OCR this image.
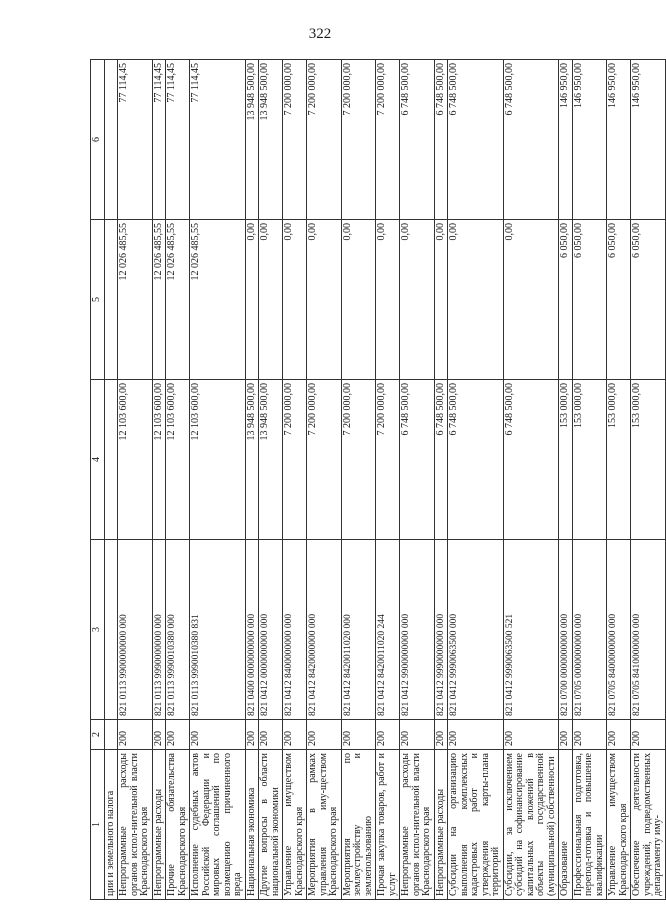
322
1	2	3	4	5	6
ции и земельного налога					
Непрограммные расходы органов испол-нительной власти Краснодарского края	200	821 0113 9900000000 000	12 103 600,00	12 026 485,55	77 114,45
Непрограммные расходы	200	821 0113 9990000000 000	12 103 600,00	12 026 485,55	77 114,45
Прочие обязательства Краснодарского края	200	821 0113 9990010380 000	12 103 600,00	12 026 485,55	77 114,45
Исполнение судебных актов Российской Федерации и мировых соглашений по возмещению причиненного вреда	200	821 0113 9990010380 831	12 103 600,00	12 026 485,55	77 114,45
Национальная экономика	200	821 0400 0000000000 000	13 948 500,00	0,00	13 948 500,00
Другие вопросы в области национальной экономики	200	821 0412 0000000000 000	13 948 500,00	0,00	13 948 500,00
Управление имуществом Краснодарского края	200	821 0412 8400000000 000	7 200 000,00	0,00	7 200 000,00
Мероприятия в рамках управления иму-ществом Краснодарского края	200	821 0412 8420000000 000	7 200 000,00	0,00	7 200 000,00
Мероприятия по землеустройству и землепользованию	200	821 0412 8420011020 000	7 200 000,00	0,00	7 200 000,00
Прочая закупка товаров, работ и услуг	200	821 0412 8420011020 244	7 200 000,00	0,00	7 200 000,00
Непрограммные расходы органов испол-нительной власти Краснодарского края	200	821 0412 9900000000 000	6 748 500,00	0,00	6 748 500,00
Непрограммные расходы	200	821 0412 9990000000 000	6 748 500,00	0,00	6 748 500,00
Субсидии на организацию выполнения комплексных кадастровых работ и утверждения карты-плана территорий	200	821 0412 9990063500 000	6 748 500,00	0,00	6 748 500,00
Субсидии, за исключением субсидий на софинансирование капитальных вложений в объекты государственной (муниципальной) собственности	200	821 0412 9990063500 521	6 748 500,00	0,00	6 748 500,00
Образование	200	821 0700 0000000000 000	153 000,00	6 050,00	146 950,00
Профессиональная подготовка, перепод-готовка и повышение квалификации	200	821 0705 0000000000 000	153 000,00	6 050,00	146 950,00
Управление имуществом Краснодар-ского края	200	821 0705 8400000000 000	153 000,00	6 050,00	146 950,00
Обеспечение деятельности учреждений, подведомственных департаменту иму-	200	821 0705 8410000000 000	153 000,00	6 050,00	146 950,00
